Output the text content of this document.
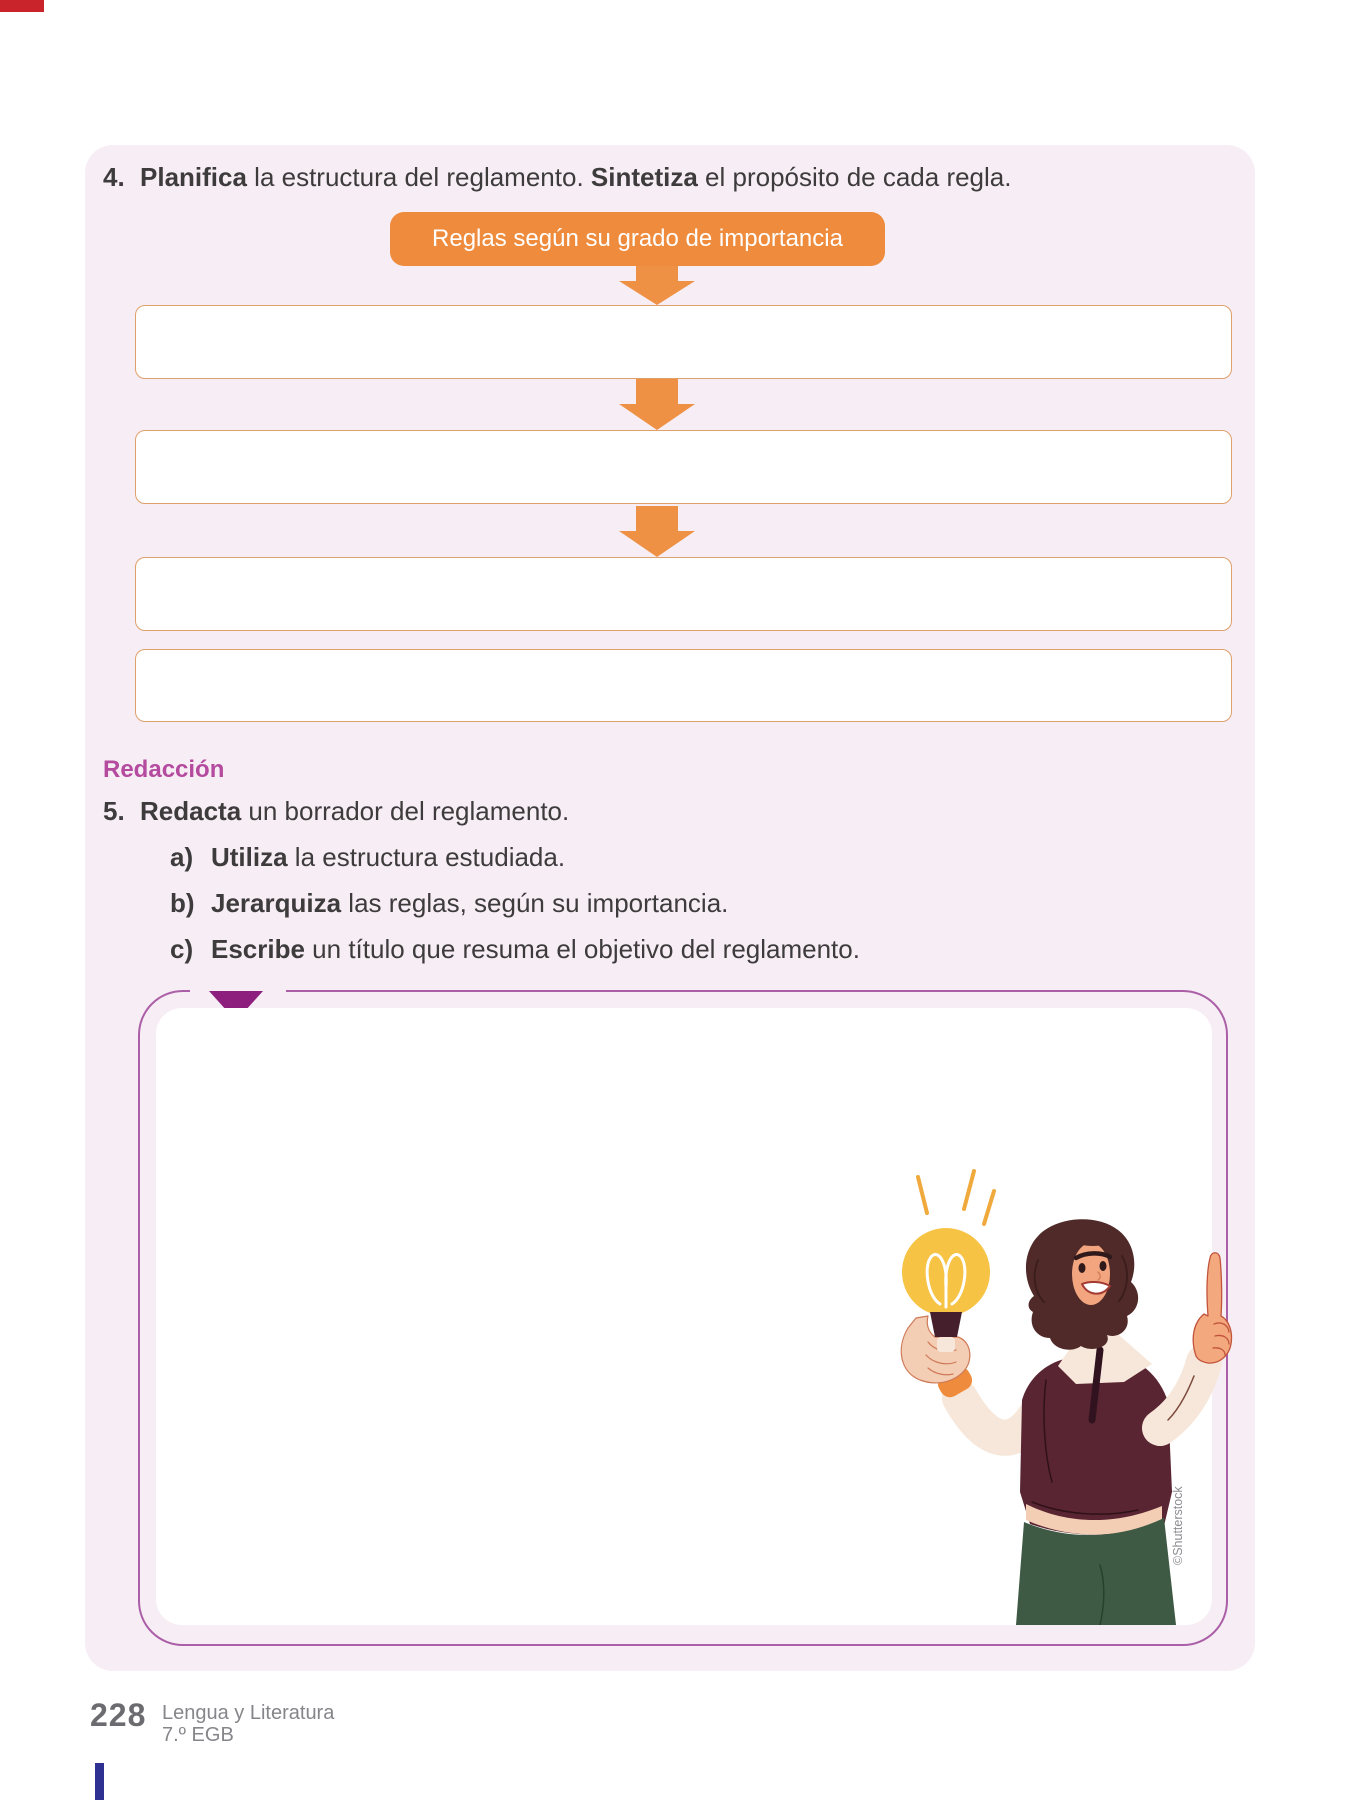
4. Planifica la estructura del reglamento. Sintetiza el propósito de cada regla.
Reglas según su grado de importancia
Redacción
5. Redacta un borrador del reglamento.
a) Utiliza la estructura estudiada.
b) Jerarquiza las reglas, según su importancia.
c) Escribe un título que resuma el objetivo del reglamento.
©Shutterstock
228 Lengua y Literatura
7.º EGB
